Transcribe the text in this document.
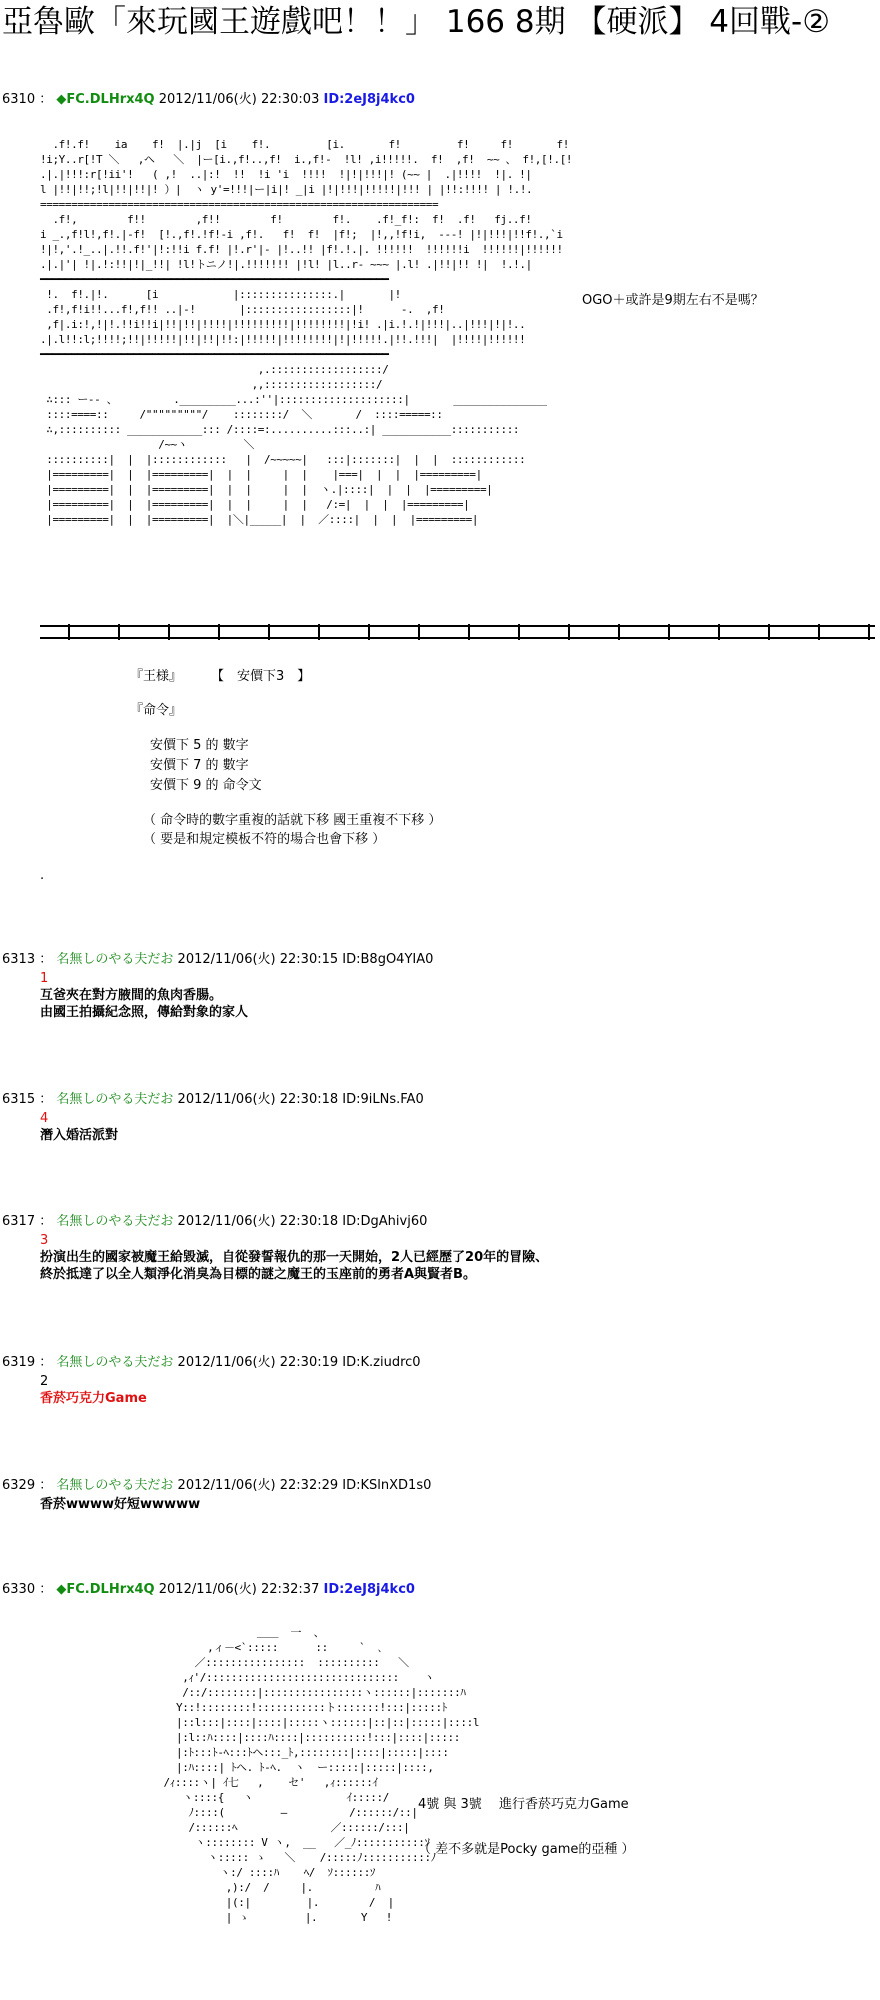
亞魯歐「來玩國王遊戲吧！！」 166 8期 【硬派】 4回戰-②
6310 ： ◆FC.DLHrx4Q 2012/11/06(火) 22:30:03 ID:2eJ8j4kc0
.f!.f!    ia    f!  |.|j  [i    f!.         [i.       f!         f!     f!       f!
!i;Y..r[!T ＼   ,ヘ   ＼  |ー[i.,f!..,f!  i.,f!-  !l! ,i!!!!!.  f!  ,f!  ~~ 、 f!,[!.[!
.|.|!!!:r[!ii'!   ( ,!  ..|:!  !!  !i 'i  !!!!  !|!|!!!|! (~~ |  .|!!!!  !|. !|
l |!!|!!;!l|!!|!!|! ）|  ヽ y'=!!!|ー|i|! _|i |!|!!!|!!!!!|!!! | |!!:!!!! | !.!.
================================================================
.f!,        f!!        ,f!!        f!        f!.    .f!_f!:  f!  .f!   fj..f!
i _.,f!l!,f!.|-f!  [!.,f!.!f!-i ,f!.   f!  f!  |f!;  |!,,!f!i,  ---! |!|!!!|!!f!.,`i
!|!,'.!_..|.!!.f!'|!:!!i f.f! |!.r'|- |!..!! |f!.!.|. !!!!!!  !!!!!!i  !!!!!!|!!!!!!
.|.|'| !|.!:!!|!|_!!| !l!トニノ!|.!!!!!!! |!l! |l..r- ~~~ |.l! .|!!|!! !|  !.!.|
━━━━━━━━━━━━━━━━━━━━━━━━━━━━━━━━━━━━━━━━━━━━━━━━━━━━━━━━
!.  f!.|!.      [i            |:::::::::::::::.|       |!
.f!,f!i!!...f!,f!! ..|-!       |:::::::::::::::::|!      -.  ,f!
,f|.i:!,!|!.!!i!!i|!!|!!|!!!!|!!!!!!!!!|!!!!!!!!|!i! .|i.!.!|!!!|..|!!!|!|!..
.|.l!!:l;!!!!;!!|!!!!!|!!|!!|!!:|!!!!!|!!!!!!!!|!|!!!!!.|!!.!!!|  |!!!!|!!!!!!
━━━━━━━━━━━━━━━━━━━━━━━━━━━━━━━━━━━━━━━━━━━━━━━━━━━━━━━━
,.::::::::::::::::::/
,,::::::::::::::::::/
∴::: ー‐- 、         ._________...:''|::::::::::::::::::::|       _______________
::::====::     /"""""""""/    ::::::::/  ＼       /  ::::=====::
∴,:::::::::: ____________::: /::::=:..........:::..:| ___________:::::::::::
/~~ヽ         ＼
::::::::::|  |  |::::::::::::   |  /~~~~~|   :::|:::::::|  |  |  ::::::::::::
|=========|  |  |=========|  |  |     |  |    |===|  |  |  |=========|
|=========|  |  |=========|  |  |     |  |  ヽ.|::::|  |  |  |=========|
|=========|  |  |=========|  |  |     |  |   /:=|  |  |  |=========|
|=========|  |  |=========|  |＼|_____|  |  ／::::|  |  |  |=========|

OGO＋或許是9期左右不是嗎？
『王様』 【　安價下3　】
『命令』
安價下 5 的 數字
安價下 7 的 數字
安價下 9 的 命令文
（ 命令時的數字重複的話就下移 國王重複不下移 ）
（ 要是和規定模板不符的場合也會下移 ）
.
6313 ： 名無しのやる夫だお 2012/11/06(火) 22:30:15 ID:B8gO4YIA0
1
互爸夾在對方腋間的魚肉香腸。
由國王拍攝紀念照，傳給對象的家人
6315 ： 名無しのやる夫だお 2012/11/06(火) 22:30:18 ID:9iLNs.FA0
4
潛入婚活派對
6317 ： 名無しのやる夫だお 2012/11/06(火) 22:30:18 ID:DgAhivj60
3
扮演出生的國家被魔王給毀滅，自從發誓報仇的那一天開始，2人已經歷了20年的冒險、
終於抵達了以全人類淨化消臭為目標的謎之魔王的玉座前的勇者A與賢者B。
6319 ： 名無しのやる夫だお 2012/11/06(火) 22:30:19 ID:K.ziudrc0
2
香菸巧克力Game
6329 ： 名無しのやる夫だお 2012/11/06(火) 22:32:29 ID:KSlnXD1s0
香菸wwww好短wwwww
6330 ： ◆FC.DLHrx4Q 2012/11/06(火) 22:32:37 ID:2eJ8j4kc0
＿＿  一  、
,ィ－<`:::::      ::     `  ､
／::::::::::::::::  ::::::::::   ＼
,ｨ'/:::::::::::::::::::::::::::::::    ヽ
/::/::::::::|::::::::::::::::ヽ::::::|:::::::ﾊ
Y::!::::::::!:::::::::::ト:::::::!:::|:::::ﾄ
|::l:::|::::|::::|:::::ヽ::::::|::|::|:::::|::::l
|:l::ﾊ::::|::::ﾊ::::|::::::::::!:::|::::|:::::
|:ﾄ:::ﾄ-ﾍ:::ﾄヘ:::_ﾄ,::::::::|::::|:::::|::::
|:ﾊ::::| ﾄヘ. ﾄ-ﾍ.  ヽ  ー:::::|:::::|::::,
/ｨ::::ヽ| ｲ七   ,    セ'   ,ｨ::::::ｲ
ヽ::::{   ヽ               ｲ:::::/
ﾉ::::(         ―          /::::::/::|
/::::::ﾍ               ／::::::/:::|
ヽ:::::::: V ヽ,  __   ／_ﾉ:::::::::::ｿ
ヽ::::: ゝ   ＼    /:::::ﾉ:::::::::::ﾉ
ヽ:/ ::::ﾊ    ﾍ/  ｿ::::::ｿ
,):/  /     |.          ﾊ
|(:|         |.        /  |
| ゝ         |.       Y   !

4號 與 3號　 進行香菸巧克力Game
（ 差不多就是Pocky game的亞種 ）
